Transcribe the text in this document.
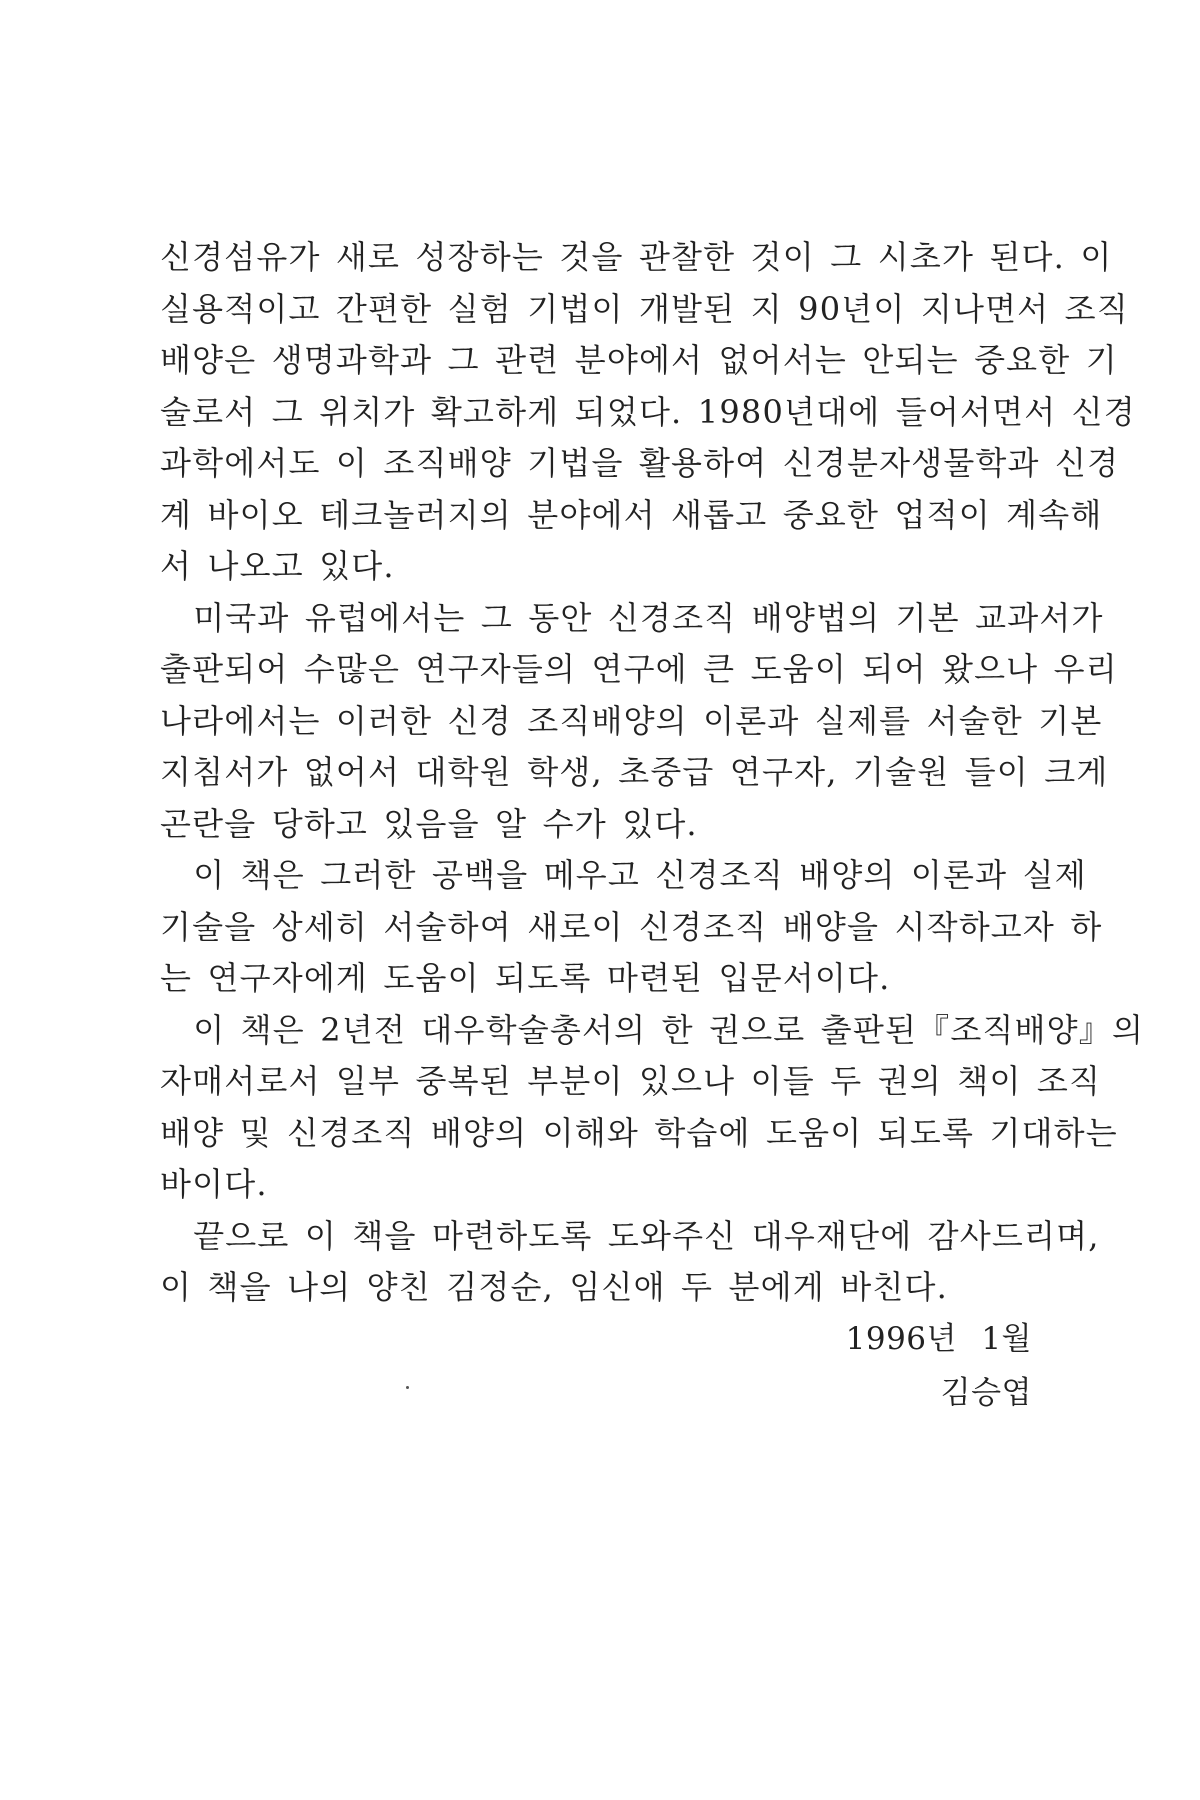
신경섬유가 새로 성장하는 것을 관찰한 것이 그 시초가 된다. 이
실용적이고 간편한 실험 기법이 개발된 지 90년이 지나면서 조직
배양은 생명과학과 그 관련 분야에서 없어서는 안되는 중요한 기
술로서 그 위치가 확고하게 되었다. 1980년대에 들어서면서 신경
과학에서도 이 조직배양 기법을 활용하여 신경분자생물학과 신경
계 바이오 테크놀러지의 분야에서 새롭고 중요한 업적이 계속해
서 나오고 있다.
　미국과 유럽에서는 그 동안 신경조직 배양법의 기본 교과서가
출판되어 수많은 연구자들의 연구에 큰 도움이 되어 왔으나 우리
나라에서는 이러한 신경 조직배양의 이론과 실제를 서술한 기본
지침서가 없어서 대학원 학생, 초중급 연구자, 기술원 들이 크게
곤란을 당하고 있음을 알 수가 있다.
　이 책은 그러한 공백을 메우고 신경조직 배양의 이론과 실제
기술을 상세히 서술하여 새로이 신경조직 배양을 시작하고자 하
는 연구자에게 도움이 되도록 마련된 입문서이다.
　이 책은 2년전 대우학술총서의 한 권으로 출판된『조직배양』의
자매서로서 일부 중복된 부분이 있으나 이들 두 권의 책이 조직
배양 및 신경조직 배양의 이해와 학습에 도움이 되도록 기대하는
바이다.
　끝으로 이 책을 마련하도록 도와주신 대우재단에 감사드리며,
이 책을 나의 양친 김정순, 임신애 두 분에게 바친다.
1996년 1월
김승엽
